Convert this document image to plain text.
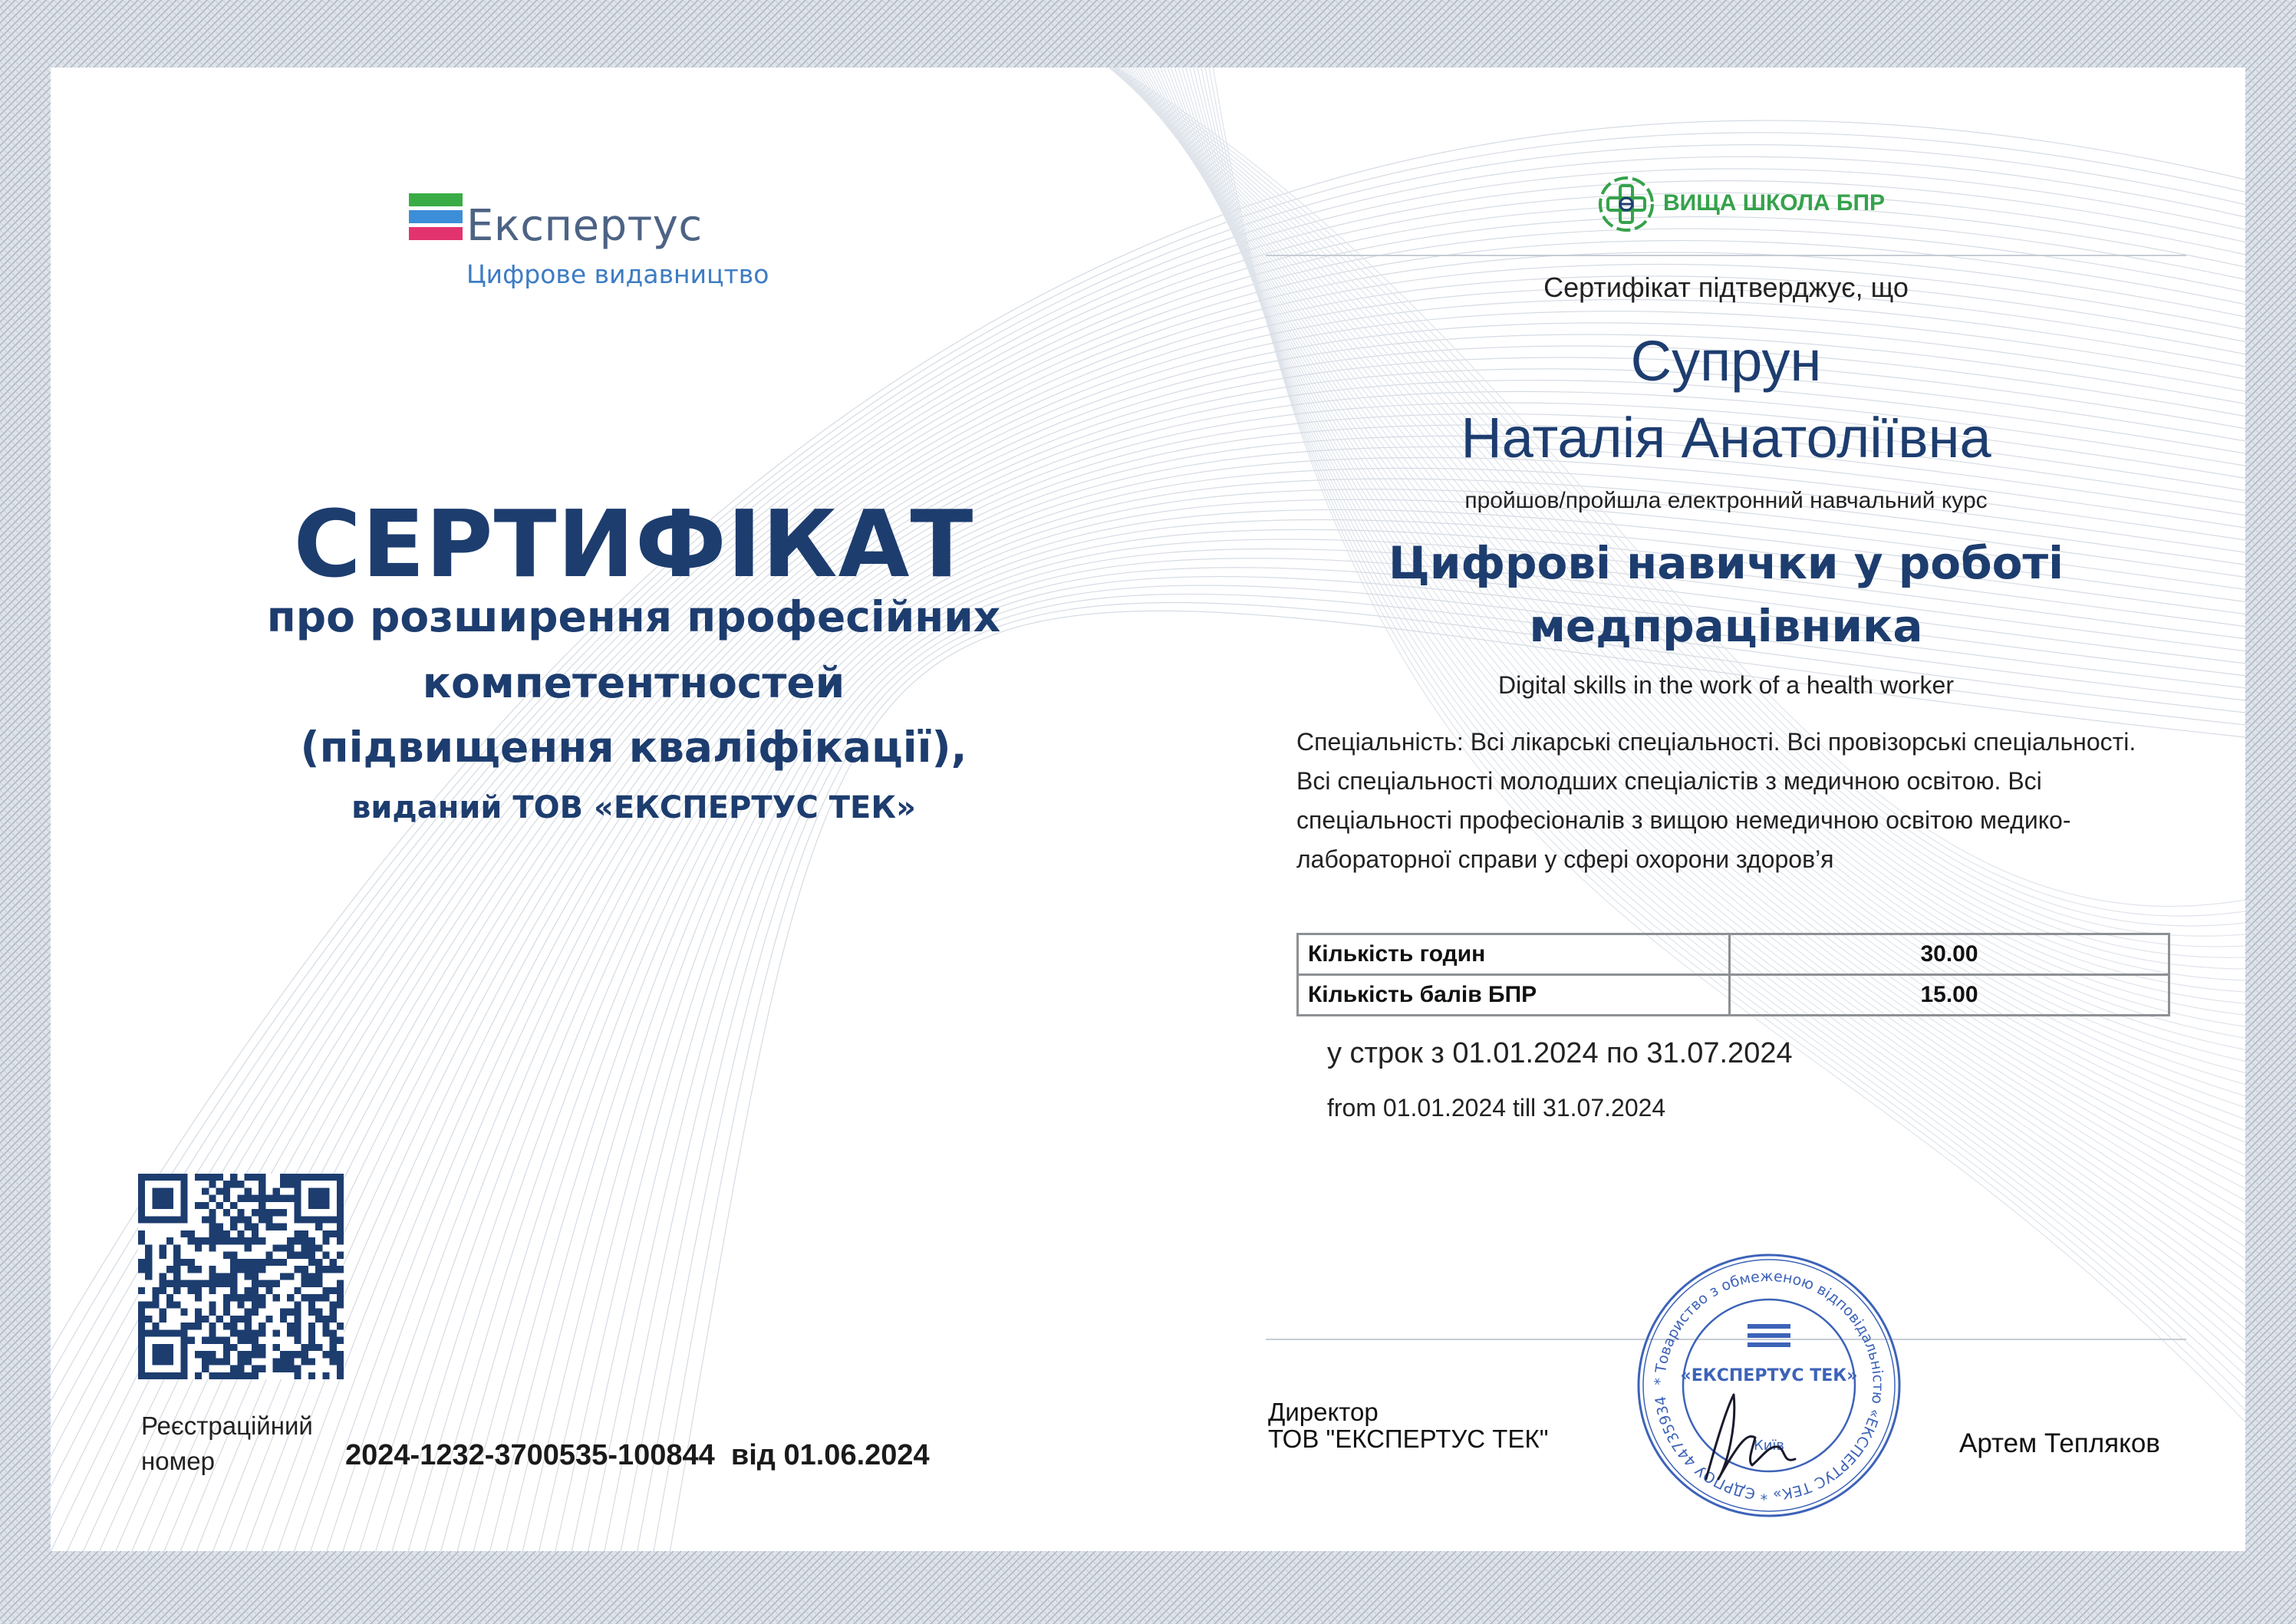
Експертус
Цифрове видавництво
СЕРТИФІКАТ
про розширення професійних
компетентностей
(підвищення кваліфікації),
виданий ТОВ «ЕКСПЕРТУС ТЕК»
Реєстраційний
номер	2024-1232-3700535-100844  від 01.06.2024
ВИЩА ШКОЛА БПР
Сертифікат підтверджує, що
Супрун
Наталія Анатоліївна
пройшов/пройшла електронний навчальний курс
Цифрові навички у роботі
медпрацівника
Digital skills in the work of a health worker
Спеціальність: Всі лікарські спеціальності. Всі провізорські спеціальності. Всі спеціальності молодших спеціалістів з медичною освітою. Всі спеціальності професіоналів з вищою немедичною освітою медико-лабораторної справи у сфері охорони здоров’я
Кількість годин	30.00
Кількість балів БПР	15.00
у строк з 01.01.2024 по 31.07.2024
from 01.01.2024 till 31.07.2024
Директор
ТОВ "ЕКСПЕРТУС ТЕК"	Артем Тепляков
* Товариство з обмеженою відповідальністю «ЕКСПЕРТУС ТЕК» * ЄДРПОУ 44735934
«ЕКСПЕРТУС ТЕК»
Київ
